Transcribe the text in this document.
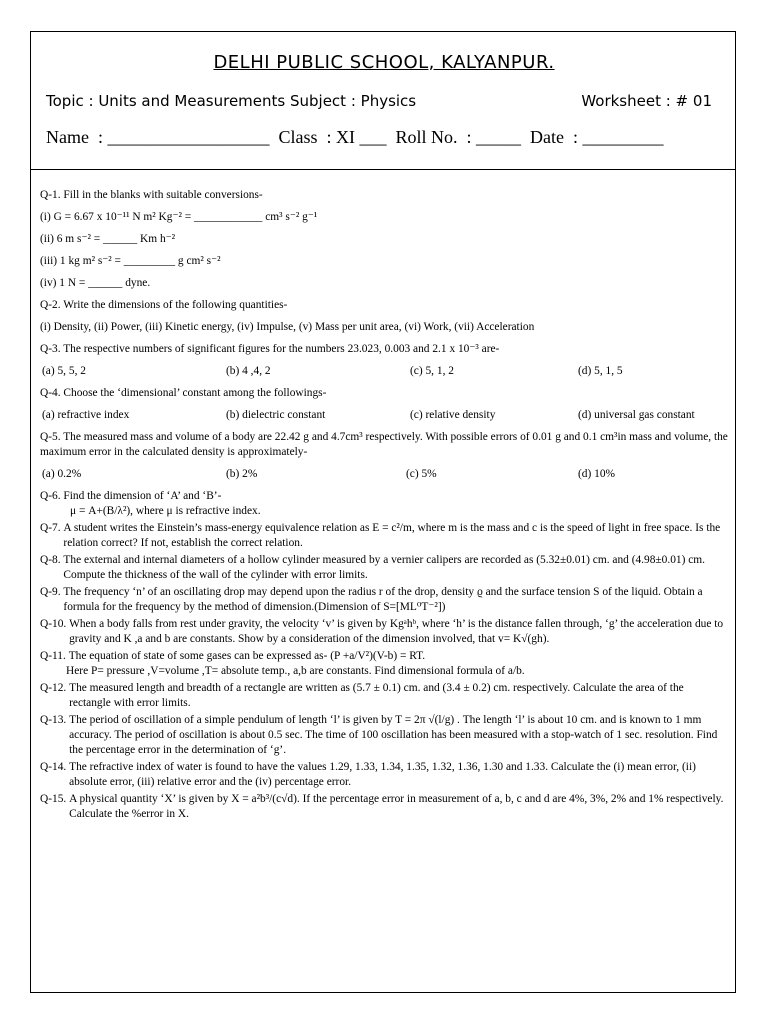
DELHI PUBLIC SCHOOL, KALYANPUR.
Topic : Units and Measurements Subject : Physics	Worksheet : # 01
Name  : __________________  Class  : XI ___  Roll No.  : _____  Date  : _________
Q-1. Fill in the blanks with suitable conversions-
(i) G = 6.67 x 10⁻¹¹ N m² Kg⁻² = ____________ cm³ s⁻² g⁻¹
(ii) 6 m s⁻² = ______ Km h⁻²
(iii) 1 kg m² s⁻² = _________ g cm² s⁻²
(iv) 1 N = ______ dyne.
Q-2. Write the dimensions of the following quantities-
(i) Density, (ii) Power, (iii) Kinetic energy, (iv) Impulse, (v) Mass per unit area, (vi) Work, (vii) Acceleration
Q-3. The respective numbers of significant figures for the numbers 23.023, 0.003 and 2.1 x 10⁻³ are-
(a) 5, 5, 2	(b) 4 ,4, 2	(c) 5, 1, 2	(d) 5, 1, 5
Q-4. Choose the ‘dimensional’ constant among the followings-
(a) refractive index	(b) dielectric constant	(c) relative density	(d) universal gas constant
Q-5. The measured mass and volume of a body are 22.42 g and 4.7cm³ respectively. With possible errors of 0.01 g and 0.1 cm³in mass and volume, the maximum error in the calculated density is approximately-
(a) 0.2%	(b) 2%	(c) 5%	(d) 10%
Q-6. Find the dimension of ‘A’ and ‘B’-
μ = A+(B/λ²), where μ is refractive index.
Q-7. A student writes the Einstein’s mass-energy equivalence relation as E = c²/m, where m is the mass and c is the speed of light in free space. Is the relation correct? If not, establish the correct relation.
Q-8. The external and internal diameters of a hollow cylinder measured by a vernier calipers are recorded as (5.32±0.01) cm. and (4.98±0.01) cm. Compute the thickness of the wall of the cylinder with error limits.
Q-9. The frequency ‘n’ of an oscillating drop may depend upon the radius r of the drop, density ϱ and the surface tension S of the liquid. Obtain a formula for the frequency by the method of dimension.(Dimension of S=[ML⁰T⁻²])
Q-10. When a body falls from rest under gravity, the velocity ‘v’ is given by Kgᵃhᵇ, where ‘h’ is the distance fallen through, ‘g’ the acceleration due to gravity and K ,a and b are constants. Show by a consideration of the dimension involved, that v= K√(gh).
Q-11. The equation of state of some gases can be expressed as- (P +a/V²)(V-b) = RT.
Here P= pressure ,V=volume ,T= absolute temp., a,b are constants. Find dimensional formula of a/b.
Q-12. The measured length and breadth of a rectangle are written as (5.7 ± 0.1) cm. and (3.4 ± 0.2) cm. respectively. Calculate the area of the rectangle with error limits.
Q-13. The period of oscillation of a simple pendulum of length ‘l’ is given by T = 2π √(l/g) . The length ‘l’ is about 10 cm. and is known to 1 mm accuracy. The period of oscillation is about 0.5 sec. The time of 100 oscillation has been measured with a stop-watch of 1 sec. resolution. Find the percentage error in the determination of ‘g’.
Q-14. The refractive index of water is found to have the values 1.29, 1.33, 1.34, 1.35, 1.32, 1.36, 1.30 and 1.33. Calculate the (i) mean error, (ii) absolute error, (iii) relative error and the (iv) percentage error.
Q-15. A physical quantity ‘X’ is given by X = a²b³/(c√d). If the percentage error in measurement of a, b, c and d are 4%, 3%, 2% and 1% respectively. Calculate the %error in X.
